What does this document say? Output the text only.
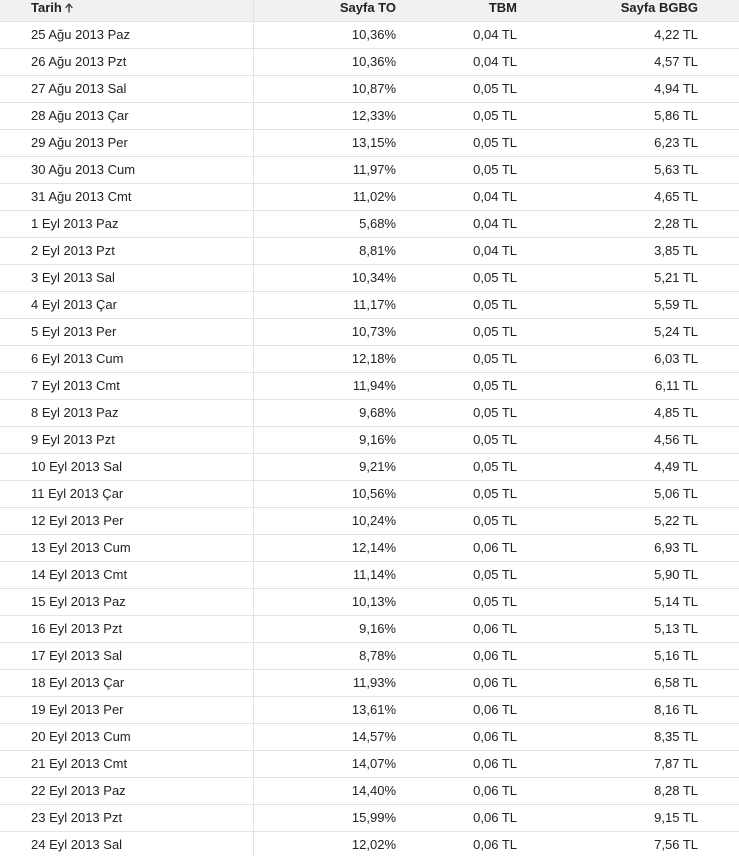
Tarih	Sayfa TO	TBM	Sayfa BGBG	
25 Ağu 2013 Paz	10,36%	0,04 TL	4,22 TL	
26 Ağu 2013 Pzt	10,36%	0,04 TL	4,57 TL	
27 Ağu 2013 Sal	10,87%	0,05 TL	4,94 TL	
28 Ağu 2013 Çar	12,33%	0,05 TL	5,86 TL	
29 Ağu 2013 Per	13,15%	0,05 TL	6,23 TL	
30 Ağu 2013 Cum	11,97%	0,05 TL	5,63 TL	
31 Ağu 2013 Cmt	11,02%	0,04 TL	4,65 TL	
1 Eyl 2013 Paz	5,68%	0,04 TL	2,28 TL	
2 Eyl 2013 Pzt	8,81%	0,04 TL	3,85 TL	
3 Eyl 2013 Sal	10,34%	0,05 TL	5,21 TL	
4 Eyl 2013 Çar	11,17%	0,05 TL	5,59 TL	
5 Eyl 2013 Per	10,73%	0,05 TL	5,24 TL	
6 Eyl 2013 Cum	12,18%	0,05 TL	6,03 TL	
7 Eyl 2013 Cmt	11,94%	0,05 TL	6,11 TL	
8 Eyl 2013 Paz	9,68%	0,05 TL	4,85 TL	
9 Eyl 2013 Pzt	9,16%	0,05 TL	4,56 TL	
10 Eyl 2013 Sal	9,21%	0,05 TL	4,49 TL	
11 Eyl 2013 Çar	10,56%	0,05 TL	5,06 TL	
12 Eyl 2013 Per	10,24%	0,05 TL	5,22 TL	
13 Eyl 2013 Cum	12,14%	0,06 TL	6,93 TL	
14 Eyl 2013 Cmt	11,14%	0,05 TL	5,90 TL	
15 Eyl 2013 Paz	10,13%	0,05 TL	5,14 TL	
16 Eyl 2013 Pzt	9,16%	0,06 TL	5,13 TL	
17 Eyl 2013 Sal	8,78%	0,06 TL	5,16 TL	
18 Eyl 2013 Çar	11,93%	0,06 TL	6,58 TL	
19 Eyl 2013 Per	13,61%	0,06 TL	8,16 TL	
20 Eyl 2013 Cum	14,57%	0,06 TL	8,35 TL	
21 Eyl 2013 Cmt	14,07%	0,06 TL	7,87 TL	
22 Eyl 2013 Paz	14,40%	0,06 TL	8,28 TL	
23 Eyl 2013 Pzt	15,99%	0,06 TL	9,15 TL	
24 Eyl 2013 Sal	12,02%	0,06 TL	7,56 TL	
